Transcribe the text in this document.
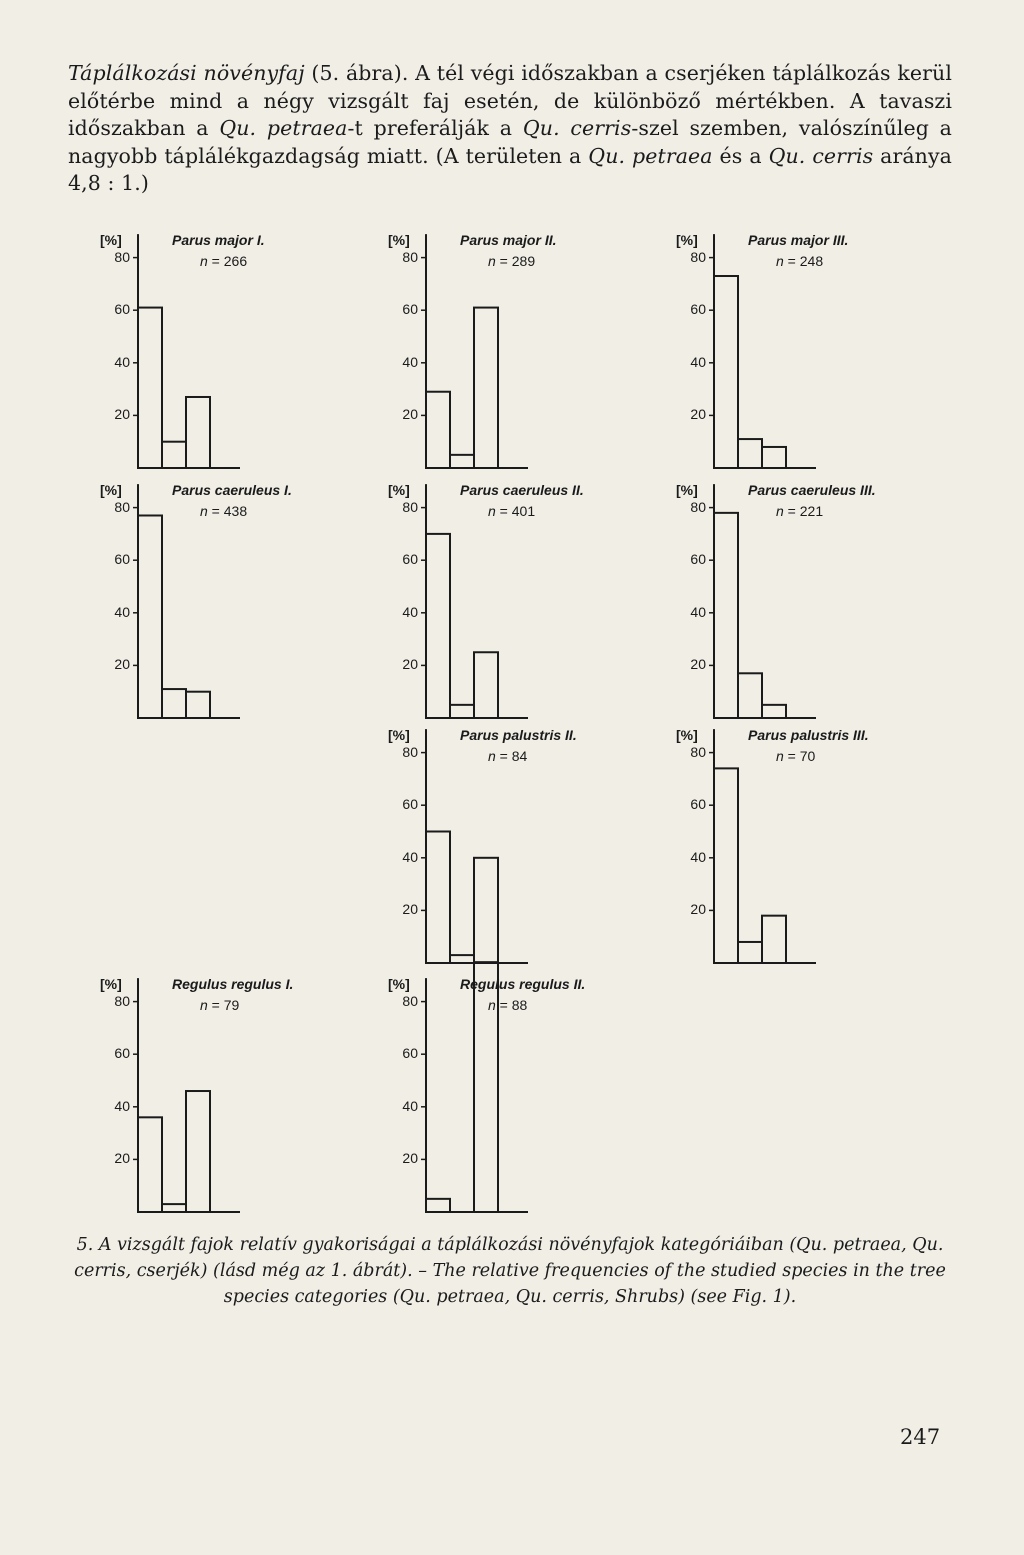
Táplálkozási növényfaj (5. ábra). A tél végi időszakban a cserjéken táplálkozás kerül előtérbe mind a négy vizsgált faj esetén, de különböző mértékben. A tavaszi időszakban a Qu. petraea-t preferálják a Qu. cerris-szel szemben, valószínűleg a nagyobb táplálékgazdagság miatt. (A területen a Qu. petraea és a Qu. cerris aránya 4,8 : 1.)
80
60
40
20
[%]	Parus major I.
n = 266	80
60
40
20
[%]	Parus major II.
n = 289	80
60
40
20
[%]	Parus major III.
n = 248
80
60
40
20
[%]	Parus caeruleus I.
n = 438	80
60
40
20
[%]	Parus caeruleus II.
n = 401	80
60
40
20
[%]	Parus caeruleus III.
n = 221
80
60
40
20
[%]	Parus palustris II.
n = 84	80
60
40
20
[%]	Parus palustris III.
n = 70
80
60
40
20
[%]	Regulus regulus I.
n = 79	80
60
40
20
[%]	Regulus regulus II.
n = 88
5. A vizsgált fajok relatív gyakoriságai a táplálkozási növényfajok kategóriáiban (Qu. petraea, Qu. cerris, cserjék) (lásd még az 1. ábrát). – The relative frequencies of the studied species in the tree species categories (Qu. petraea, Qu. cerris, Shrubs) (see Fig. 1).
247
